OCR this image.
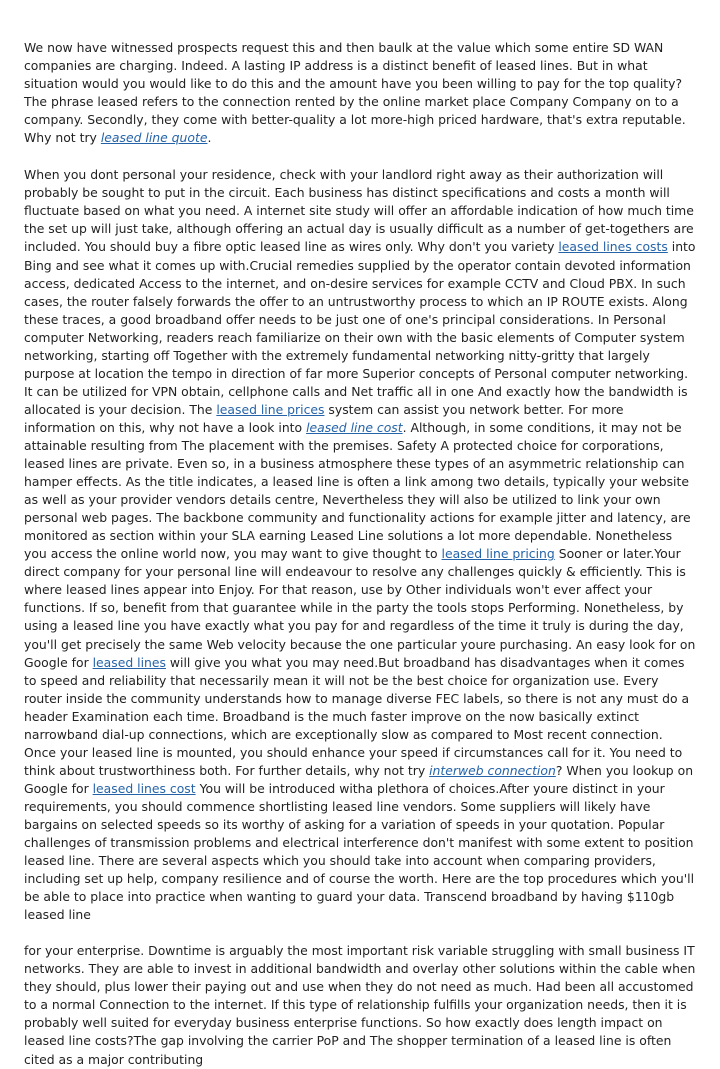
We now have witnessed prospects request this and then baulk at the value which some entire SD WAN companies are charging. Indeed. A lasting IP address is a distinct benefit of leased lines. But in what situation would you would like to do this and the amount have you been willing to pay for the top quality? The phrase leased refers to the connection rented by the online market place Company Company on to a company. Secondly, they come with better-quality a lot more-high priced hardware, that's extra reputable. Why not try leased line quote.

When you dont personal your residence, check with your landlord right away as their authorization will probably be sought to put in the circuit. Each business has distinct specifications and costs a month will fluctuate based on what you need. A internet site study will offer an affordable indication of how much time the set up will just take, although offering an actual day is usually difficult as a number of get-togethers are included. You should buy a fibre optic leased line as wires only. Why don't you variety leased lines costs into Bing and see what it comes up with.Crucial remedies supplied by the operator contain devoted information access, dedicated Access to the internet, and on-desire services for example CCTV and Cloud PBX. In such cases, the router falsely forwards the offer to an untrustworthy process to which an IP ROUTE exists. Along these traces, a good broadband offer needs to be just one of one's principal considerations. In Personal computer Networking, readers reach familiarize on their own with the basic elements of Computer system networking, starting off Together with the extremely fundamental networking nitty-gritty that largely purpose at location the tempo in direction of far more Superior concepts of Personal computer networking. It can be utilized for VPN obtain, cellphone calls and Net traffic all in one And exactly how the bandwidth is allocated is your decision. The leased line prices system can assist you network better. For more information on this, why not have a look into leased line cost. Although, in some conditions, it may not be attainable resulting from The placement with the premises. Safety A protected choice for corporations, leased lines are private. Even so, in a business atmosphere these types of an asymmetric relationship can hamper effects. As the title indicates, a leased line is often a link among two details, typically your website as well as your provider vendors details centre, Nevertheless they will also be utilized to link your own personal web pages. The backbone community and functionality actions for example jitter and latency, are monitored as section within your SLA earning Leased Line solutions a lot more dependable. Nonetheless you access the online world now, you may want to give thought to leased line pricing Sooner or later.Your direct company for your personal line will endeavour to resolve any challenges quickly & efficiently. This is where leased lines appear into Enjoy. For that reason, use by Other individuals won't ever affect your functions. If so, benefit from that guarantee while in the party the tools stops Performing. Nonetheless, by using a leased line you have exactly what you pay for and regardless of the time it truly is during the day, you'll get precisely the same Web velocity because the one particular youre purchasing. An easy look for on Google for leased lines will give you what you may need.But broadband has disadvantages when it comes to speed and reliability that necessarily mean it will not be the best choice for organization use. Every router inside the community understands how to manage diverse FEC labels, so there is not any must do a header Examination each time. Broadband is the much faster improve on the now basically extinct narrowband dial-up connections, which are exceptionally slow as compared to Most recent connection. Once your leased line is mounted, you should enhance your speed if circumstances call for it. You need to think about trustworthiness both. For further details, why not try interweb connection? When you lookup on Google for leased lines cost You will be introduced witha plethora of choices.After youre distinct in your requirements, you should commence shortlisting leased line vendors. Some suppliers will likely have bargains on selected speeds so its worthy of asking for a variation of speeds in your quotation. Popular challenges of transmission problems and electrical interference don't manifest with some extent to position leased line. There are several aspects which you should take into account when comparing providers, including set up help, company resilience and of course the worth. Here are the top procedures which you'll be able to place into practice when wanting to guard your data. Transcend broadband by having $110gb leased line

for your enterprise. Downtime is arguably the most important risk variable struggling with small business IT networks. They are able to invest in additional bandwidth and overlay other solutions within the cable when they should, plus lower their paying out and use when they do not need as much. Had been all accustomed to a normal Connection to the internet. If this type of relationship fulfills your organization needs, then it is probably well suited for everyday business enterprise functions. So how exactly does length impact on leased line costs?The gap involving the carrier PoP and The shopper termination of a leased line is often cited as a major contributing
